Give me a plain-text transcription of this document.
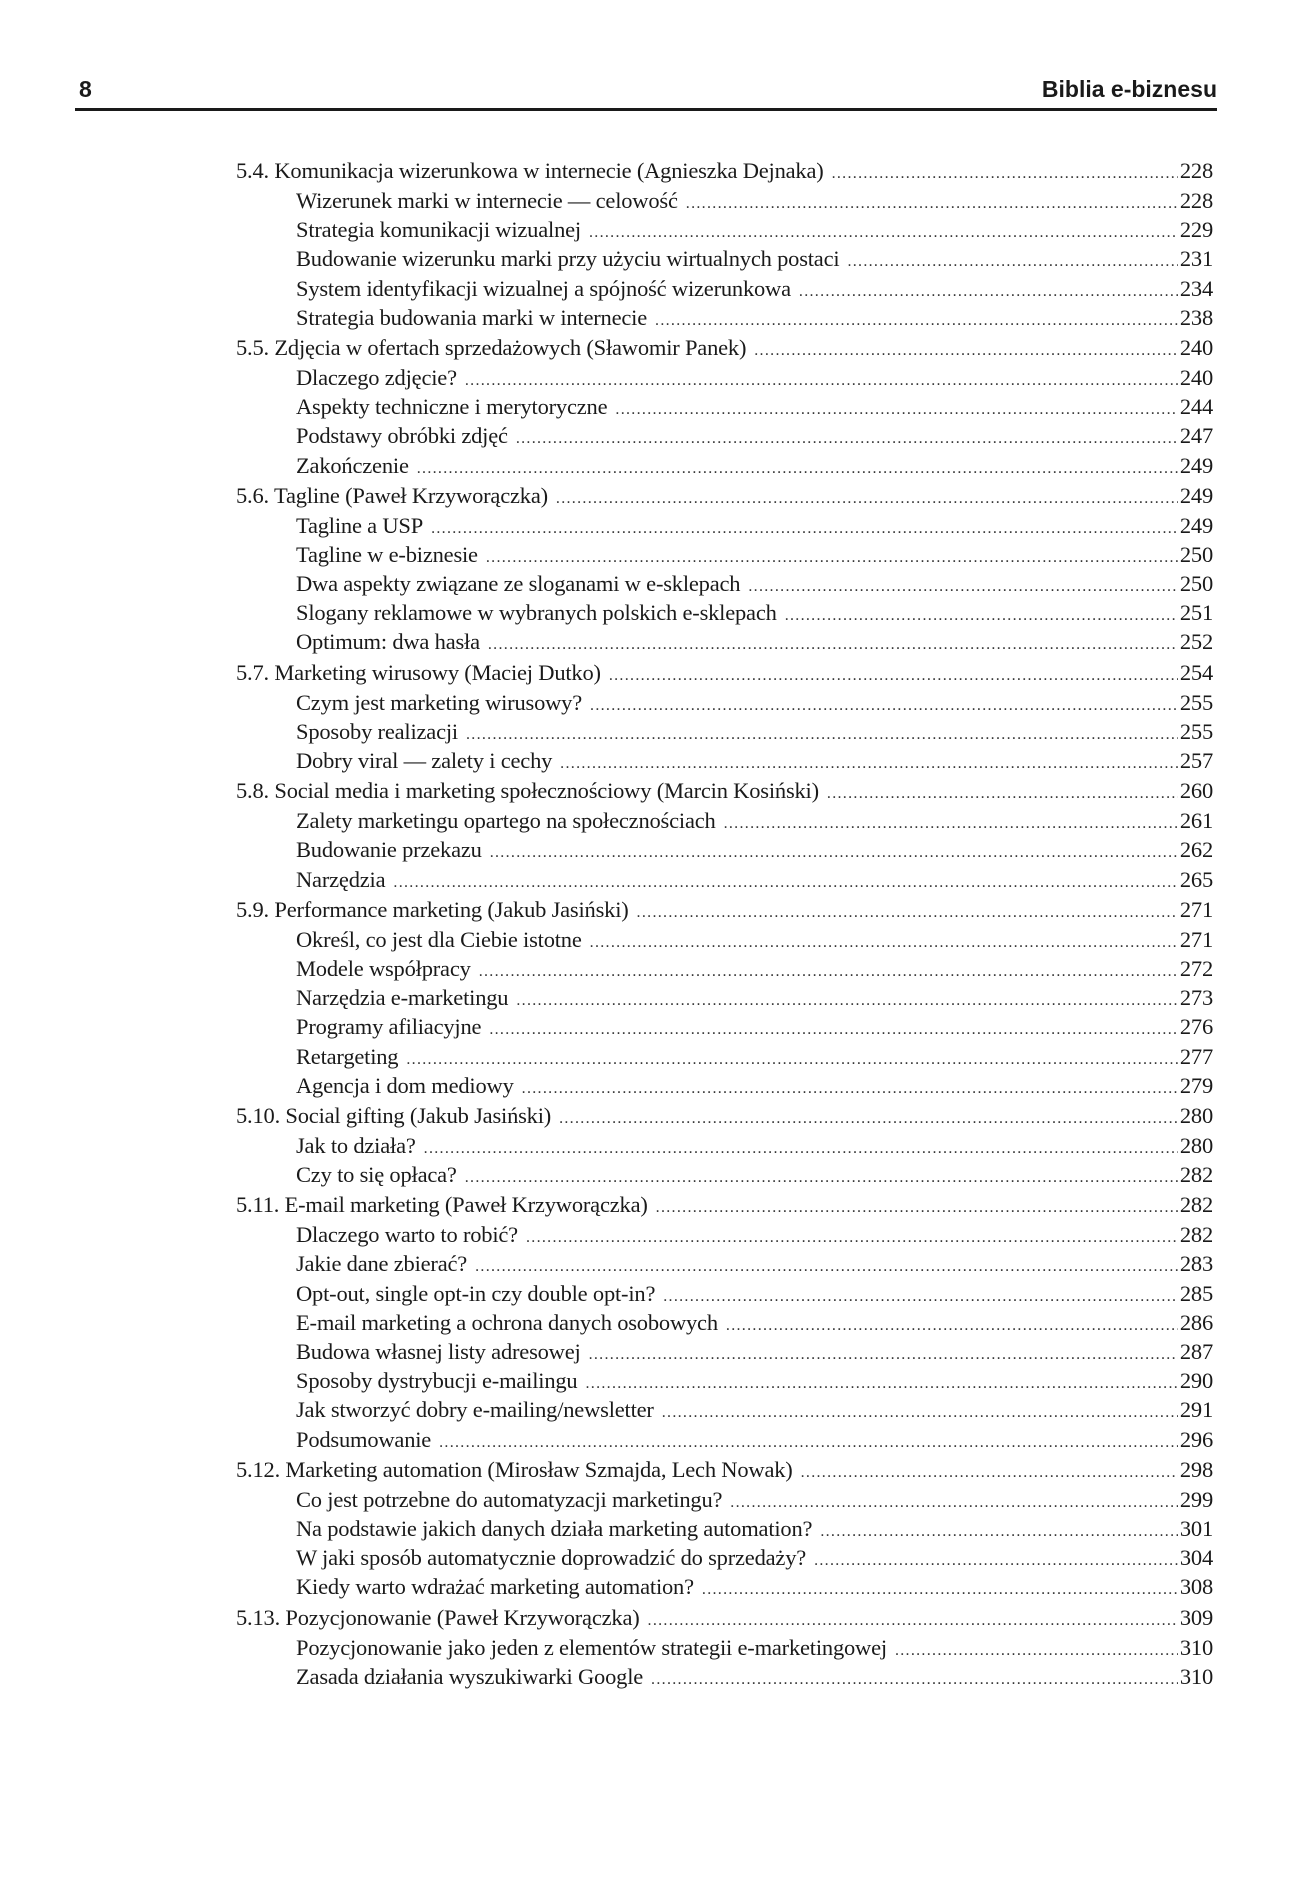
8	Biblia e-biznesu
5.4. Komunikacja wizerunkowa w internecie (Agnieszka Dejnaka) .....	228
Wizerunek marki w internecie — celowość .....	228
Strategia komunikacji wizualnej .....	229
Budowanie wizerunku marki przy użyciu wirtualnych postaci .....	231
System identyfikacji wizualnej a spójność wizerunkowa .....	234
Strategia budowania marki w internecie .....	238
5.5. Zdjęcia w ofertach sprzedażowych (Sławomir Panek) .....	240
Dlaczego zdjęcie? .....	240
Aspekty techniczne i merytoryczne .....	244
Podstawy obróbki zdjęć .....	247
Zakończenie .....	249
5.6. Tagline (Paweł Krzyworączka) .....	249
Tagline a USP .....	249
Tagline w e-biznesie .....	250
Dwa aspekty związane ze sloganami w e-sklepach .....	250
Slogany reklamowe w wybranych polskich e-sklepach .....	251
Optimum: dwa hasła .....	252
5.7. Marketing wirusowy (Maciej Dutko) .....	254
Czym jest marketing wirusowy? .....	255
Sposoby realizacji .....	255
Dobry viral — zalety i cechy .....	257
5.8. Social media i marketing społecznościowy (Marcin Kosiński) .....	260
Zalety marketingu opartego na społecznościach .....	261
Budowanie przekazu .....	262
Narzędzia .....	265
5.9. Performance marketing (Jakub Jasiński) .....	271
Określ, co jest dla Ciebie istotne .....	271
Modele współpracy .....	272
Narzędzia e-marketingu .....	273
Programy afiliacyjne .....	276
Retargeting .....	277
Agencja i dom mediowy .....	279
5.10. Social gifting (Jakub Jasiński) .....	280
Jak to działa? .....	280
Czy to się opłaca? .....	282
5.11. E-mail marketing (Paweł Krzyworączka) .....	282
Dlaczego warto to robić? .....	282
Jakie dane zbierać? .....	283
Opt-out, single opt-in czy double opt-in? .....	285
E-mail marketing a ochrona danych osobowych .....	286
Budowa własnej listy adresowej .....	287
Sposoby dystrybucji e-mailingu .....	290
Jak stworzyć dobry e-mailing/newsletter .....	291
Podsumowanie .....	296
5.12. Marketing automation (Mirosław Szmajda, Lech Nowak) .....	298
Co jest potrzebne do automatyzacji marketingu? .....	299
Na podstawie jakich danych działa marketing automation? .....	301
W jaki sposób automatycznie doprowadzić do sprzedaży? .....	304
Kiedy warto wdrażać marketing automation? .....	308
5.13. Pozycjonowanie (Paweł Krzyworączka) .....	309
Pozycjonowanie jako jeden z elementów strategii e-marketingowej .....	310
Zasada działania wyszukiwarki Google .....	310
